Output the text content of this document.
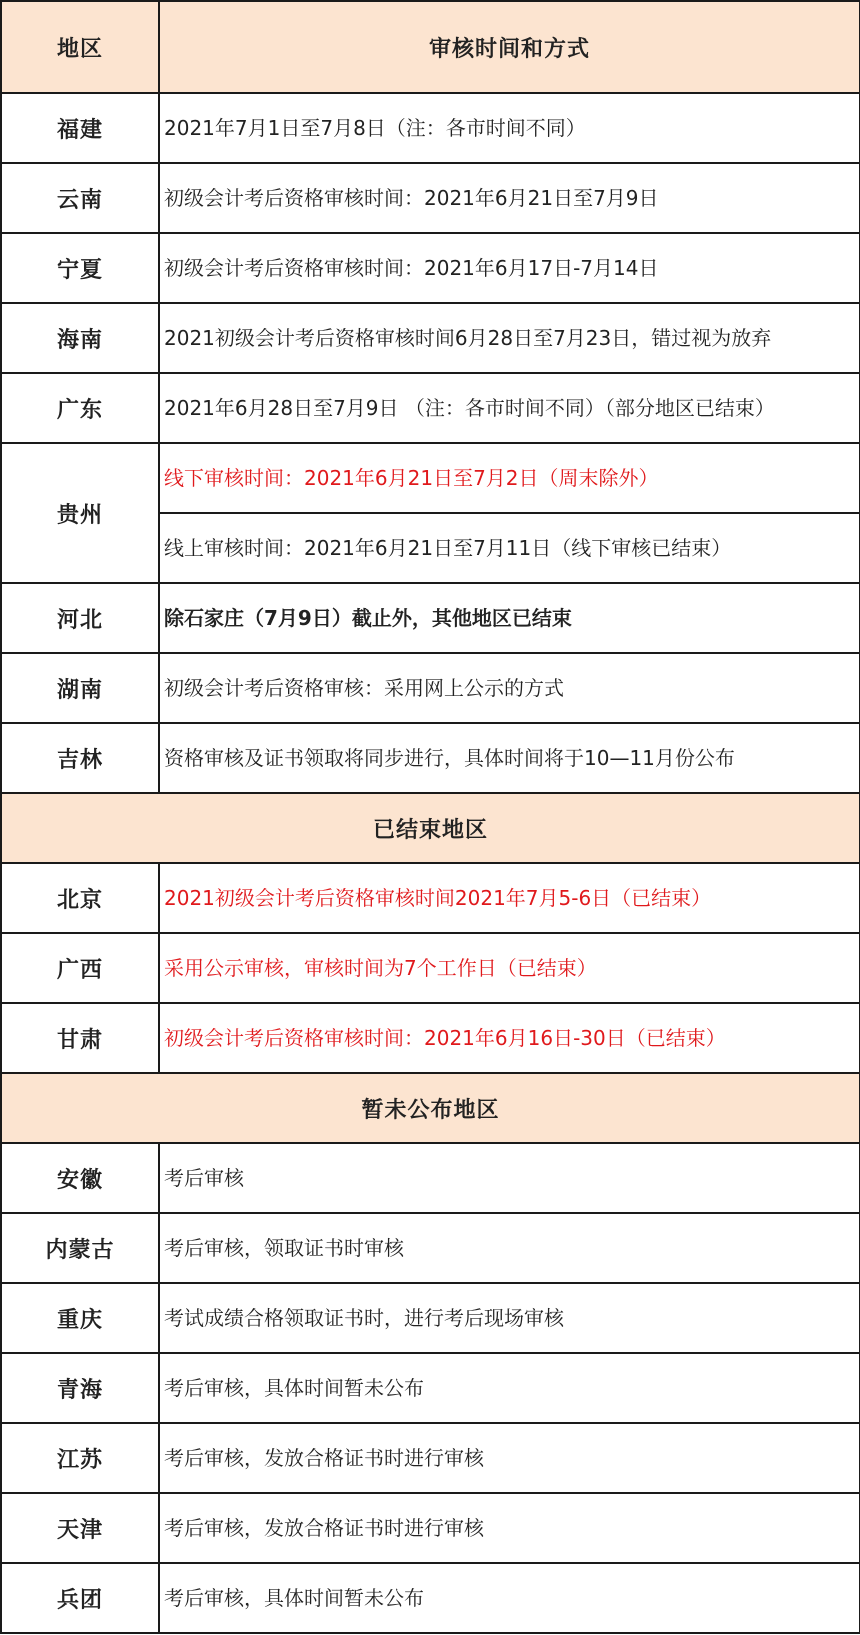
地区	审核时间和方式
福建	2021年7月1日至7月8日（注：各市时间不同）
云南	初级会计考后资格审核时间：2021年6月21日至7月9日
宁夏	初级会计考后资格审核时间：2021年6月17日-7月14日
海南	2021初级会计考后资格审核时间6月28日至7月23日，错过视为放弃
广东	2021年6月28日至7月9日 （注：各市时间不同）（部分地区已结束）
贵州	线下审核时间：2021年6月21日至7月2日（周末除外）
	线上审核时间：2021年6月21日至7月11日（线下审核已结束）
河北	除石家庄（7月9日）截止外，其他地区已结束
湖南	初级会计考后资格审核：采用网上公示的方式
吉林	资格审核及证书领取将同步进行，具体时间将于10—11月份公布
已结束地区	
北京	2021初级会计考后资格审核时间2021年7月5-6日（已结束）
广西	采用公示审核，审核时间为7个工作日（已结束）
甘肃	初级会计考后资格审核时间：2021年6月16日-30日（已结束）
暂未公布地区	
安徽	考后审核
内蒙古	考后审核，领取证书时审核
重庆	考试成绩合格领取证书时，进行考后现场审核
青海	考后审核，具体时间暂未公布
江苏	考后审核，发放合格证书时进行审核
天津	考后审核，发放合格证书时进行审核
兵团	考后审核，具体时间暂未公布
